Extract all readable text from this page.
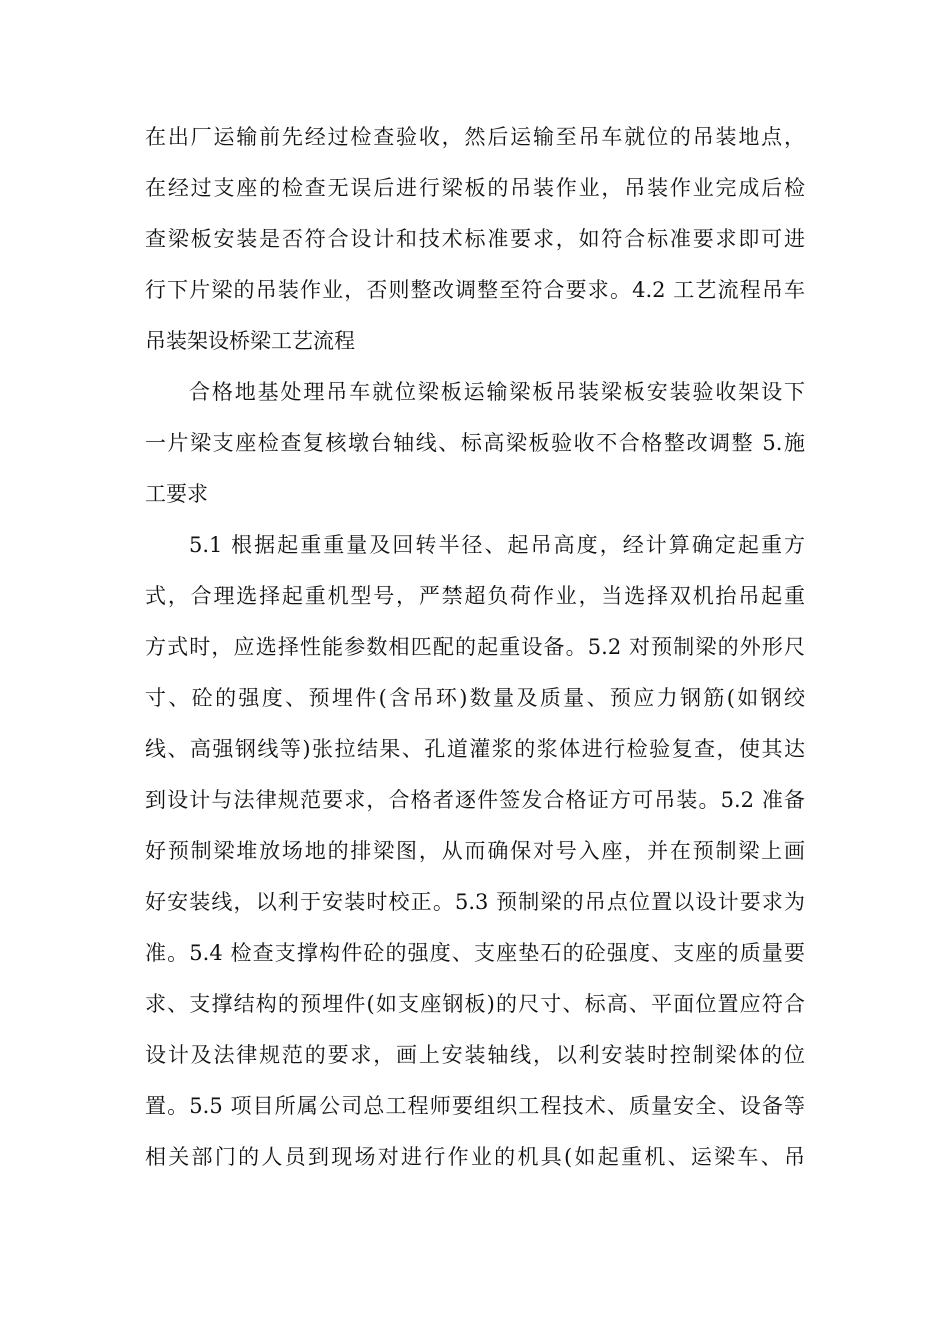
在出厂运输前先经过检查验收，然后运输至吊车就位的吊装地点，
在经过支座的检查无误后进行梁板的吊装作业，吊装作业完成后检
查梁板安装是否符合设计和技术标准要求，如符合标准要求即可进
行下片梁的吊装作业，否则整改调整至符合要求。4.2 工艺流程吊车
吊装架设桥梁工艺流程
合格地基处理吊车就位梁板运输梁板吊装梁板安装验收架设下
一片梁支座检查复核墩台轴线、标高梁板验收不合格整改调整 5.施
工要求
5.1 根据起重重量及回转半径、起吊高度，经计算确定起重方
式，合理选择起重机型号，严禁超负荷作业，当选择双机抬吊起重
方式时，应选择性能参数相匹配的起重设备。5.2 对预制梁的外形尺
寸、砼的强度、预埋件(含吊环)数量及质量、预应力钢筋(如钢绞
线、高强钢线等)张拉结果、孔道灌浆的浆体进行检验复查，使其达
到设计与法律规范要求，合格者逐件签发合格证方可吊装。5.2 准备
好预制梁堆放场地的排梁图，从而确保对号入座，并在预制梁上画
好安装线，以利于安装时校正。5.3 预制梁的吊点位置以设计要求为
准。5.4 检查支撑构件砼的强度、支座垫石的砼强度、支座的质量要
求、支撑结构的预埋件(如支座钢板)的尺寸、标高、平面位置应符合
设计及法律规范的要求，画上安装轴线，以利安装时控制梁体的位
置。5.5 项目所属公司总工程师要组织工程技术、质量安全、设备等
相关部门的人员到现场对进行作业的机具(如起重机、运梁车、吊
